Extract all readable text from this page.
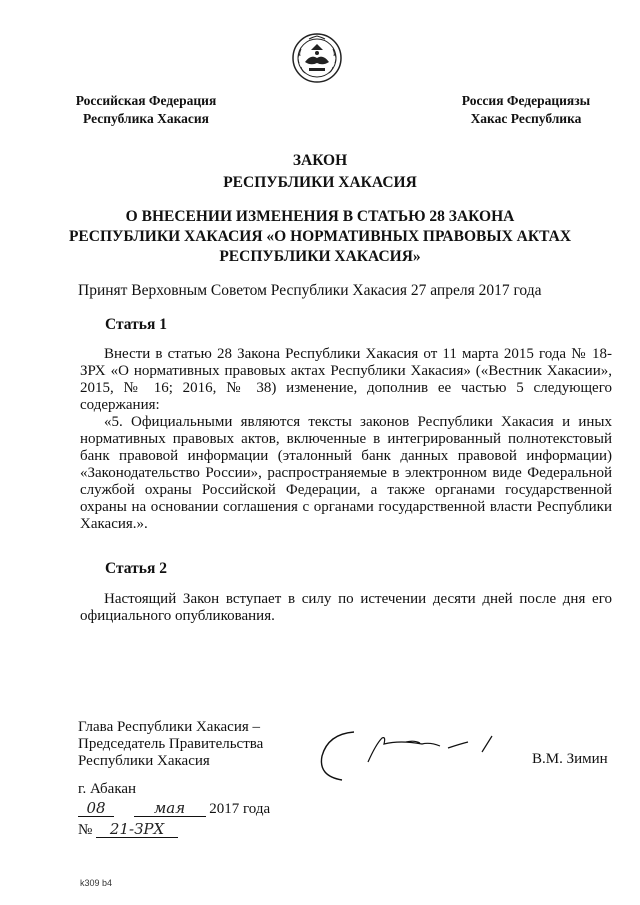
Российская Федерация
Республика Хакасия
Россия Федерациязы
Хакас Республика
ЗАКОН
РЕСПУБЛИКИ ХАКАСИЯ
О ВНЕСЕНИИ ИЗМЕНЕНИЯ В СТАТЬЮ 28 ЗАКОНА
РЕСПУБЛИКИ ХАКАСИЯ «О НОРМАТИВНЫХ ПРАВОВЫХ АКТАХ
РЕСПУБЛИКИ ХАКАСИЯ»
Принят Верховным Советом Республики Хакасия 27 апреля 2017 года
Статья 1
Внести в статью 28 Закона Республики Хакасия от 11 марта 2015 года № 18-ЗРХ «О нормативных правовых актах Республики Хакасия» («Вестник Хакасии», 2015, № 16; 2016, № 38) изменение, дополнив ее частью 5 следующего содержания:
«5. Официальными являются тексты законов Республики Хакасия и иных нормативных правовых актов, включенные в интегрированный полнотекстовый банк правовой информации (эталонный банк данных правовой информации) «Законодательство России», распространяемые в электронном виде Федеральной службой охраны Российской Федерации, а также органами государственной охраны на основании соглашения с органами государственной власти Республики Хакасия.».
Статья 2
Настоящий Закон вступает в силу по истечении десяти дней после дня его официального опубликования.
Глава Республики Хакасия –
Председатель Правительства
Республики Хакасия	В.М. Зимин
г. Абакан
08	мая 2017 года
№ 21-ЗРХ
k309 b4
